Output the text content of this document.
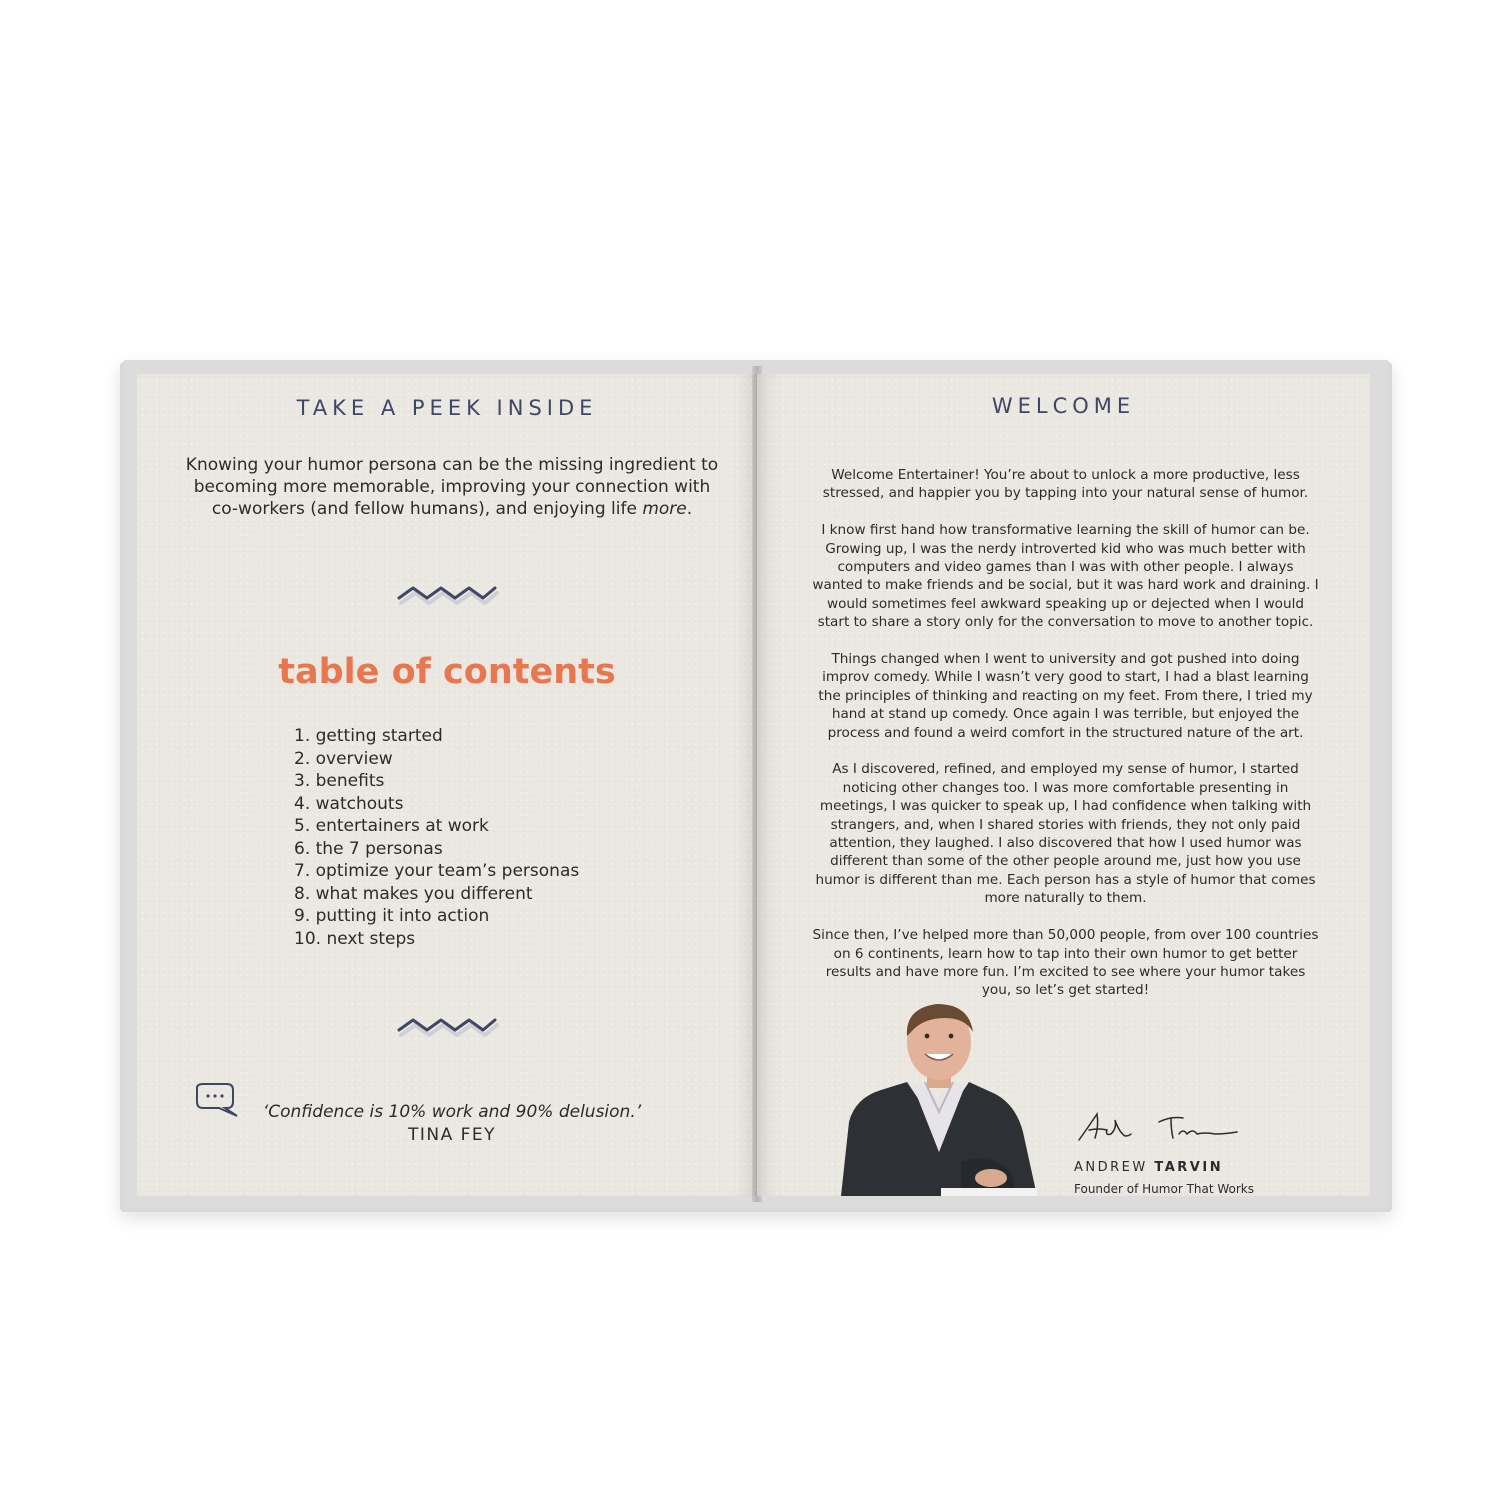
TAKE A PEEK INSIDE
Knowing your humor persona can be the missing ingredient to
becoming more memorable, improving your connection with
co-workers (and fellow humans), and enjoying life more.
table of contents
1. getting started
2. overview
3. benefits
4. watchouts
5. entertainers at work
6. the 7 personas
7. optimize your team’s personas
8. what makes you different
9. putting it into action
10. next steps
‘Confidence is 10% work and 90% delusion.’
TINA FEY
WELCOME

Welcome Entertainer! You’re about to unlock a more productive, less
stressed, and happier you by tapping into your natural sense of humor.

I know first hand how transformative learning the skill of humor can be.
Growing up, I was the nerdy introverted kid who was much better with
computers and video games than I was with other people. I always
wanted to make friends and be social, but it was hard work and draining. I
would sometimes feel awkward speaking up or dejected when I would
start to share a story only for the conversation to move to another topic.

Things changed when I went to university and got pushed into doing
improv comedy. While I wasn’t very good to start, I had a blast learning
the principles of thinking and reacting on my feet. From there, I tried my
hand at stand up comedy. Once again I was terrible, but enjoyed the
process and found a weird comfort in the structured nature of the art.

As I discovered, refined, and employed my sense of humor, I started
noticing other changes too. I was more comfortable presenting in
meetings, I was quicker to speak up, I had confidence when talking with
strangers, and, when I shared stories with friends, they not only paid
attention, they laughed. I also discovered that how I used humor was
different than some of the other people around me, just how you use
humor is different than me. Each person has a style of humor that comes
more naturally to them.

Since then, I’ve helped more than 50,000 people, from over 100 countries
on 6 continents, learn how to tap into their own humor to get better
results and have more fun. I’m excited to see where your humor takes
you, so let’s get started!

ANDREW TARVIN
Founder of Humor That Works
